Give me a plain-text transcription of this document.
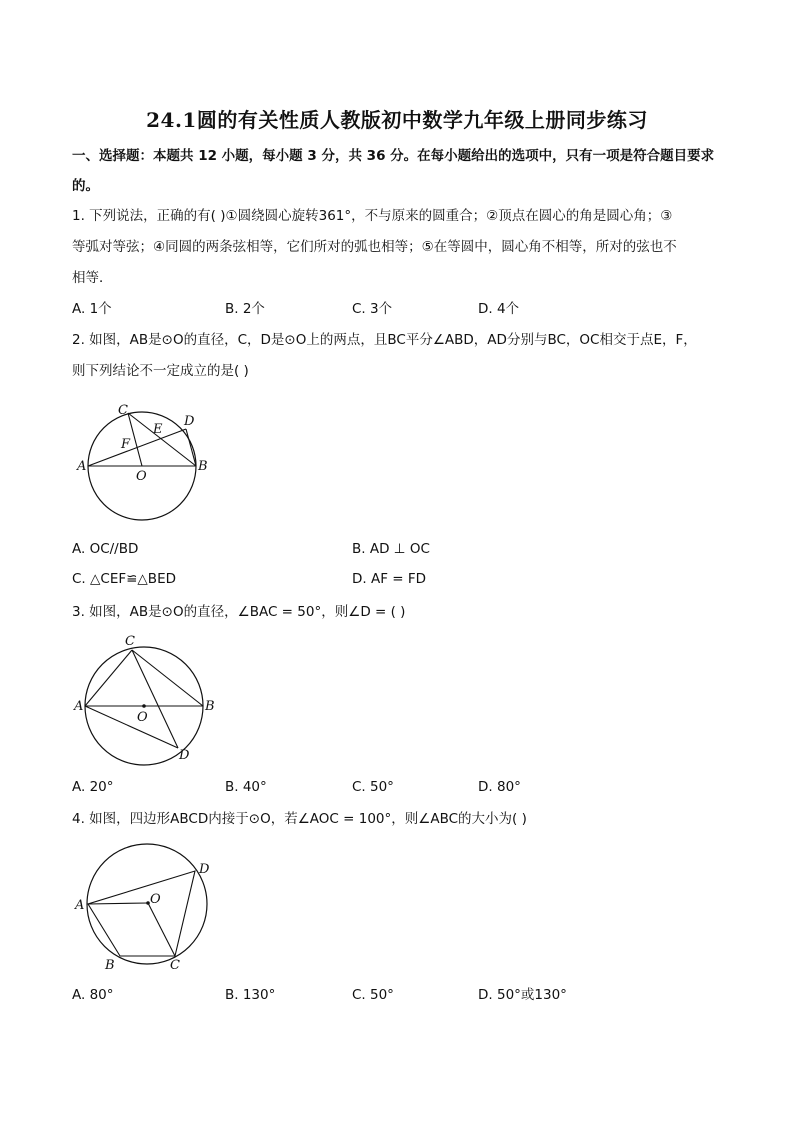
24.1圆的有关性质人教版初中数学九年级上册同步练习
一、选择题：本题共 12 小题，每小题 3 分，共 36 分。在每小题给出的选项中，只有一项是符合题目要求
的。
1. 下列说法，正确的有( )①圆绕圆心旋转361°，不与原来的圆重合；②顶点在圆心的角是圆心角；③
等弧对等弦；④同圆的两条弦相等，它们所对的弧也相等；⑤在等圆中，圆心角不相等，所对的弦也不
相等．
A. 1个	B. 2个	C. 3个	D. 4个
2. 如图，AB是⊙O的直径，C，D是⊙O上的两点，且BC平分∠ABD，AD分别与BC，OC相交于点E，F，
则下列结论不一定成立的是( )
A	B
C
D
E
F
O
A. OC//BD	B. AD ⊥ OC
C. △CEF≌△BED	D. AF = FD
3. 如图，AB是⊙O的直径，∠BAC = 50°，则∠D = ( )
A	B
C
D
O
A. 20°	B. 40°	C. 50°	D. 80°
4. 如图，四边形ABCD内接于⊙O，若∠AOC = 100°，则∠ABC的大小为( )
A
B	C
D
O
A. 80°	B. 130°	C. 50°	D. 50°或130°
